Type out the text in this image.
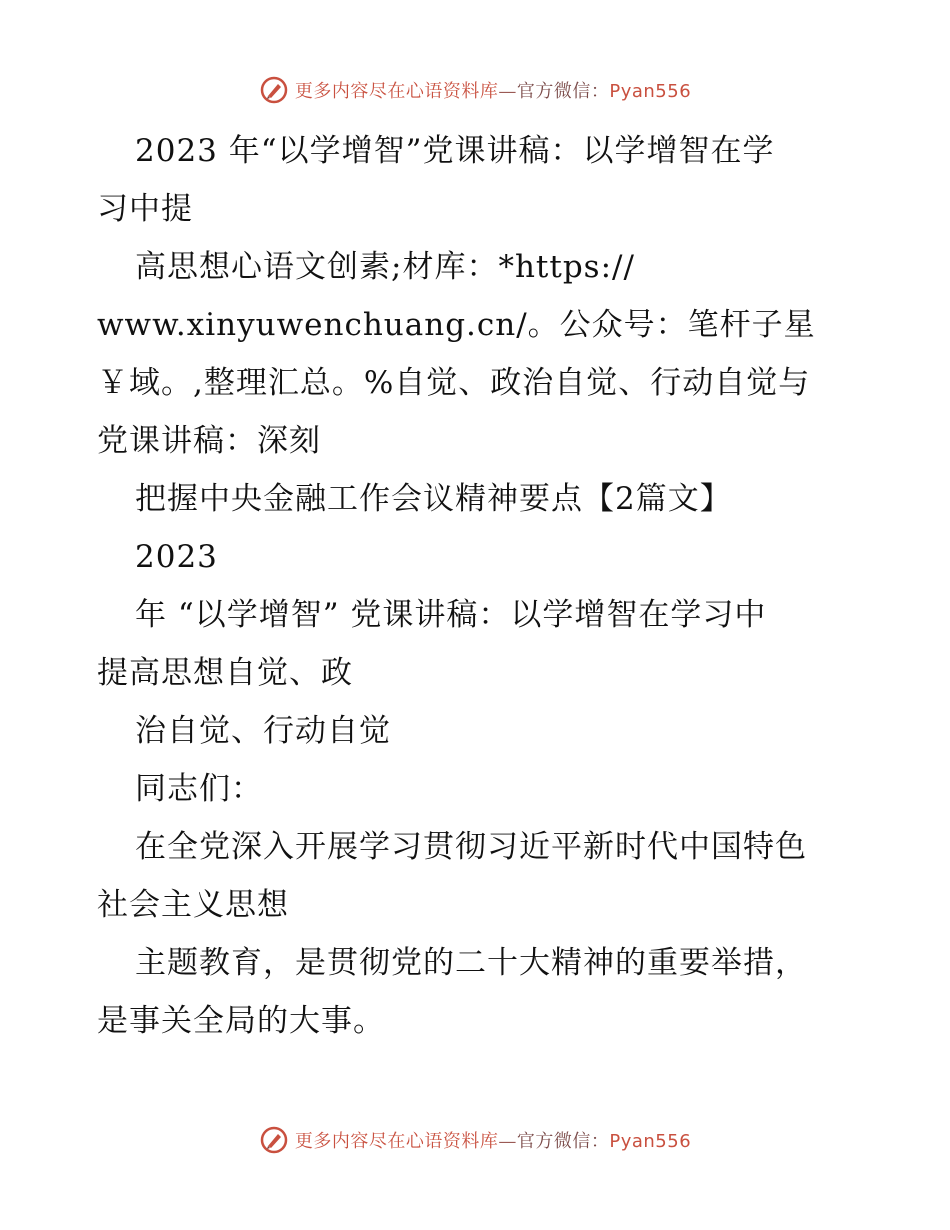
更多内容尽在心语资料库—官方微信：Pyan556
2023 年“以学增智”党课讲稿：以学增智在学
习中提
高思想心语文创素;材库：*https://
www.xinyuwenchuang.cn/。公众号：笔杆子星
￥域。,整理汇总。%自觉、政治自觉、行动自觉与
党课讲稿：深刻
把握中央金融工作会议精神要点【2篇文】
2023
年 “以学增智” 党课讲稿：以学增智在学习中
提高思想自觉、政
治自觉、行动自觉
同志们：
在全党深入开展学习贯彻习近平新时代中国特色
社会主义思想
主题教育，是贯彻党的二十大精神的重要举措，
是事关全局的大事。
更多内容尽在心语资料库—官方微信：Pyan556
